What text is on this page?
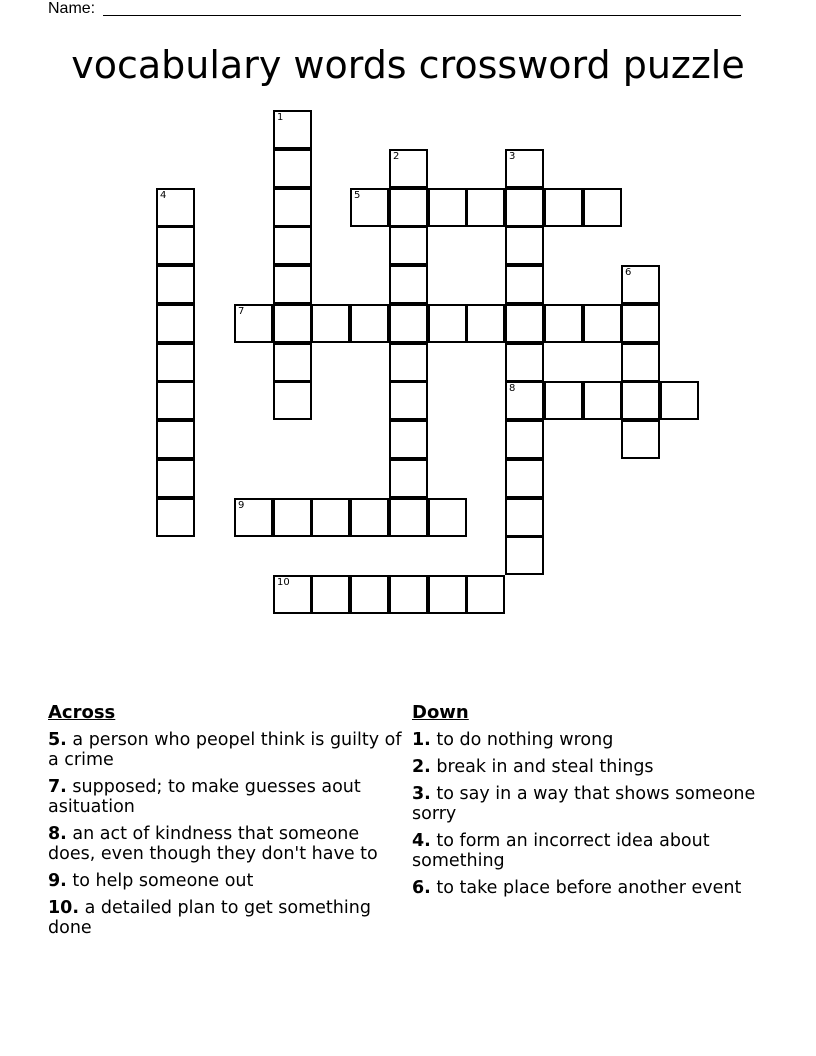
Name:
vocabulary words crossword puzzle
1
2	3
8
4	5
6
7
9
10
Across
5. a person who peopel think is guilty of a crime
7. supposed; to make guesses aout asituation
8. an act of kindness that someone does, even though they don't have to
9. to help someone out
10. a detailed plan to get something done
Down
1. to do nothing wrong
2. break in and steal things
3. to say in a way that shows someone sorry
4. to form an incorrect idea about something
6. to take place before another event
